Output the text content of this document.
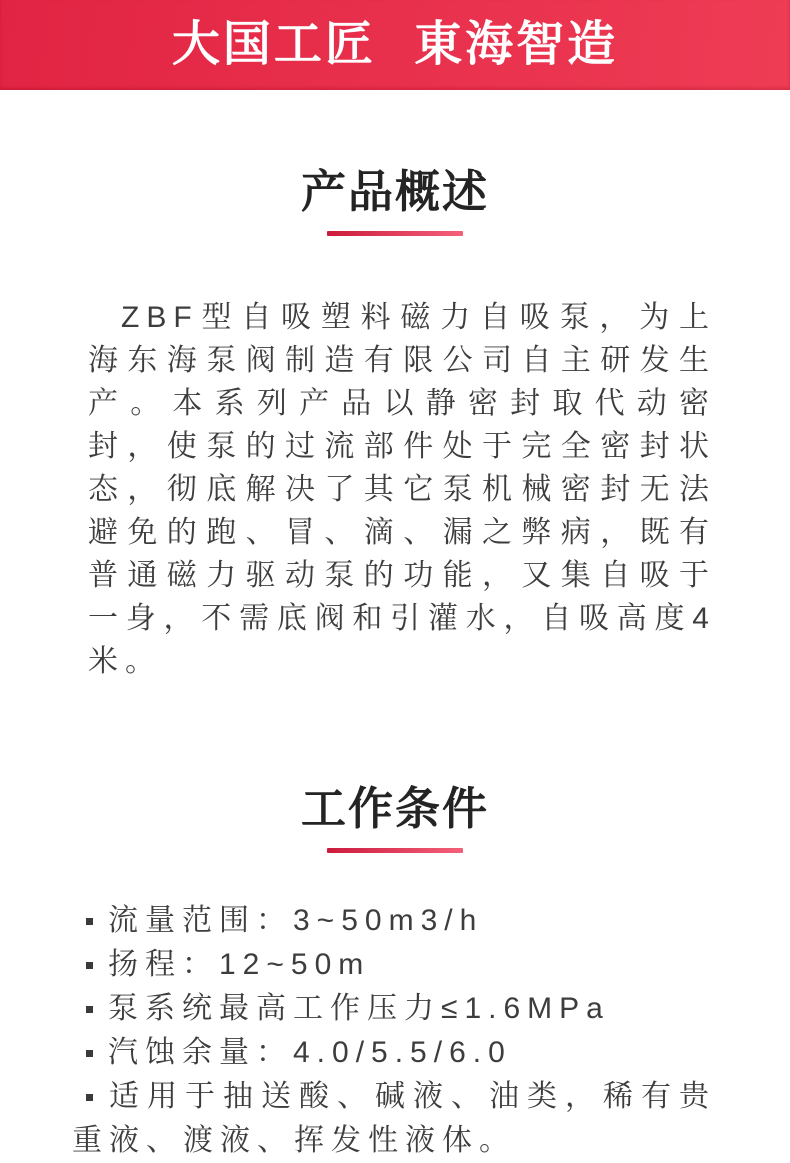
大国工匠 東海智造
产品概述

ZBF型自吸塑料磁力自吸泵，为上海东海泵阀制造有限公司自主研发生产。本系列产品以静密封取代动密封，使泵的过流部件处于完全密封状态，彻底解决了其它泵机械密封无法避免的跑、冒、滴、漏之弊病，既有普通磁力驱动泵的功能，又集自吸于一身，不需底阀和引灌水，自吸高度4米。

工作条件
流量范围：3~50m3/h
扬程：12~50m
泵系统最高工作压力≤1.6MPa
汽蚀余量：4.0/5.5/6.0
适用于抽送酸、碱液、油类，稀有贵重液、渡液、挥发性液体。
